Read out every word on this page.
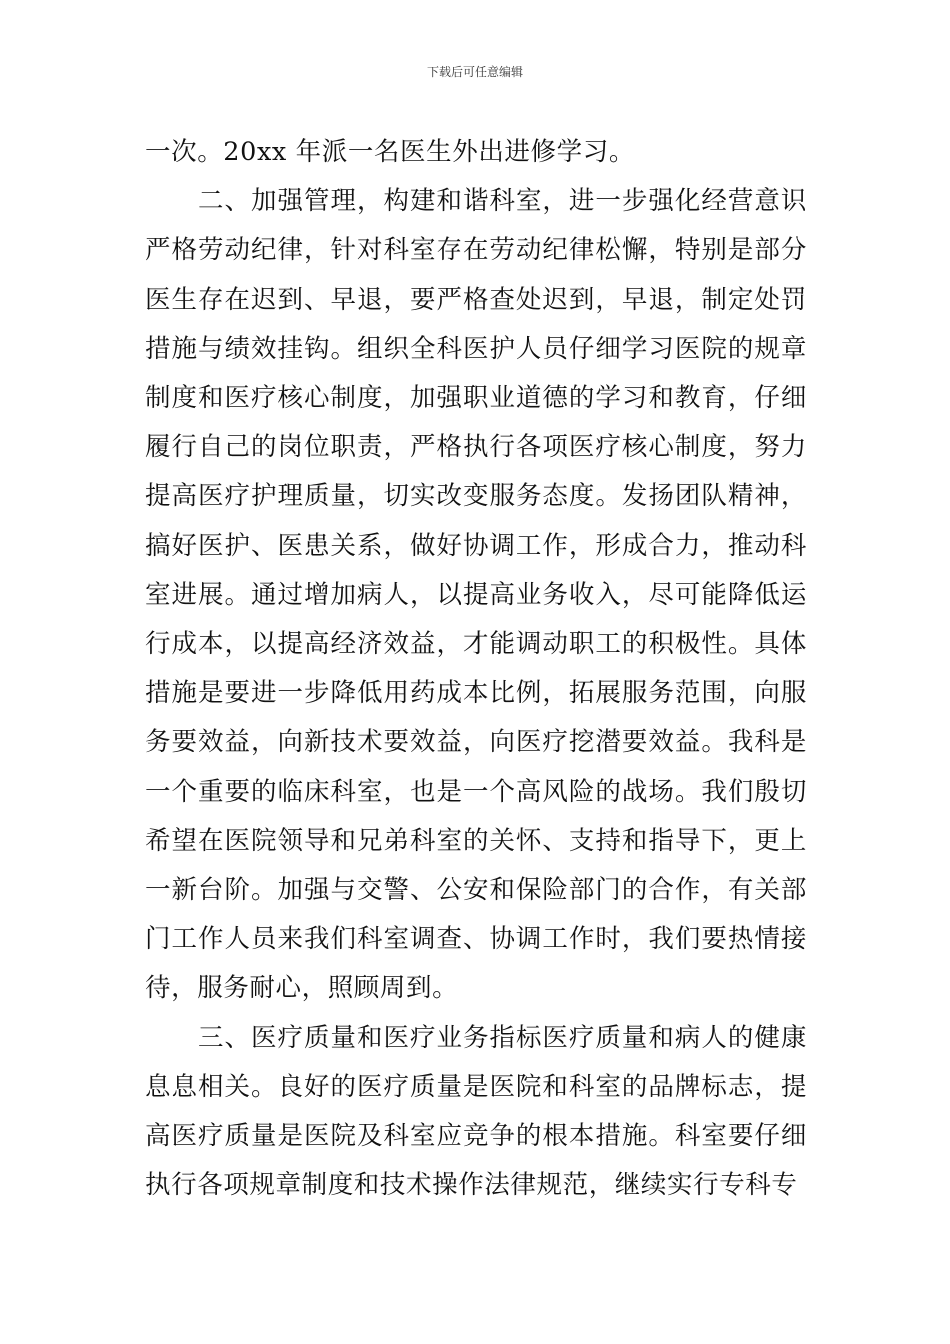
下载后可任意编辑

一次。20xx 年派一名医生外出进修学习。

二、加强管理，构建和谐科室，进一步强化经营意识严格劳动纪律，针对科室存在劳动纪律松懈，特别是部分医生存在迟到、早退，要严格查处迟到，早退，制定处罚措施与绩效挂钩。组织全科医护人员仔细学习医院的规章制度和医疗核心制度，加强职业道德的学习和教育，仔细履行自己的岗位职责，严格执行各项医疗核心制度，努力提高医疗护理质量，切实改变服务态度。发扬团队精神，搞好医护、医患关系，做好协调工作，形成合力，推动科室进展。通过增加病人，以提高业务收入，尽可能降低运行成本，以提高经济效益，才能调动职工的积极性。具体措施是要进一步降低用药成本比例，拓展服务范围，向服务要效益，向新技术要效益，向医疗挖潜要效益。我科是一个重要的临床科室，也是一个高风险的战场。我们殷切希望在医院领导和兄弟科室的关怀、支持和指导下，更上一新台阶。加强与交警、公安和保险部门的合作，有关部门工作人员来我们科室调查、协调工作时，我们要热情接待，服务耐心，照顾周到。

三、医疗质量和医疗业务指标医疗质量和病人的健康息息相关。良好的医疗质量是医院和科室的品牌标志，提高医疗质量是医院及科室应竞争的根本措施。科室要仔细执行各项规章制度和技术操作法律规范，继续实行专科专
